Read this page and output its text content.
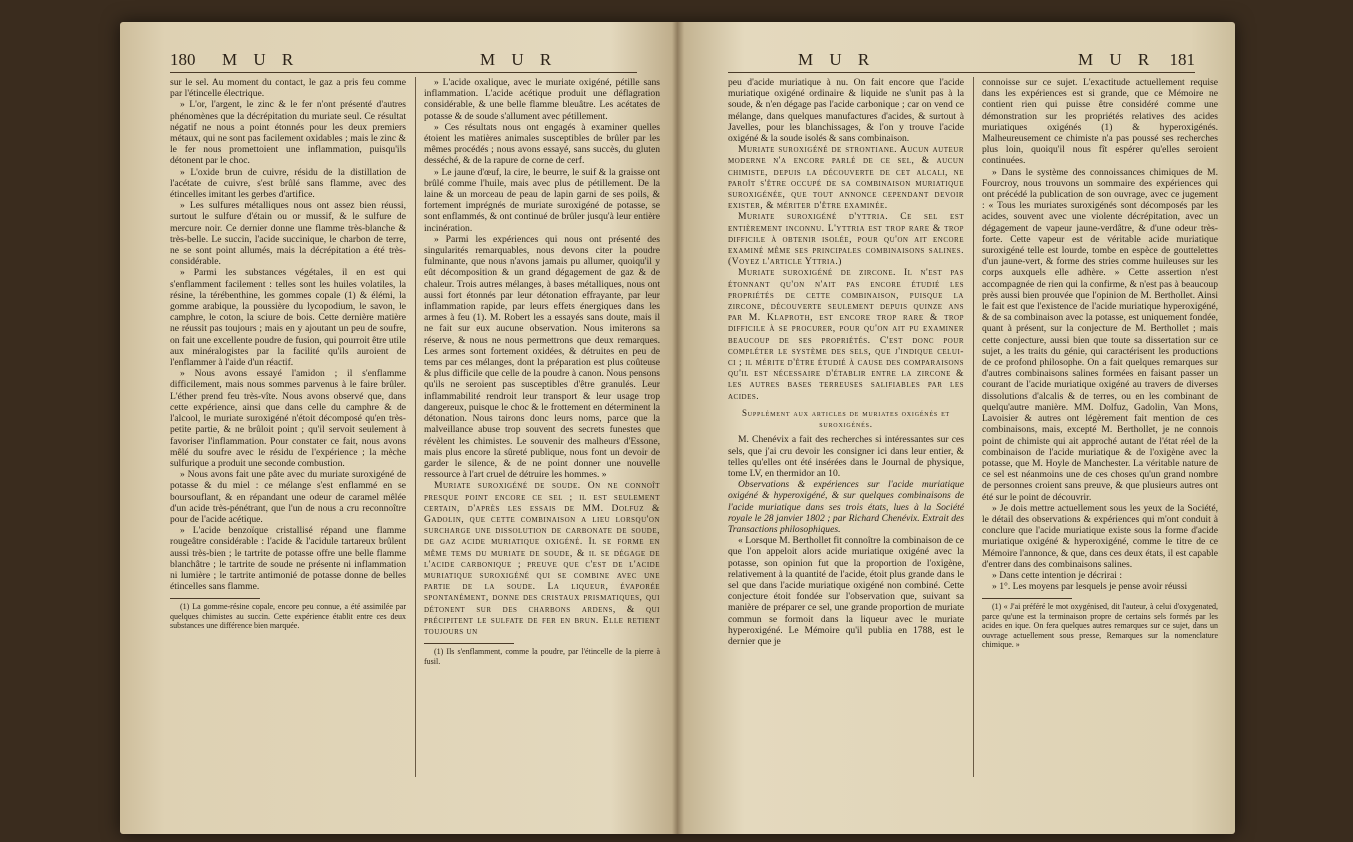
180 M U R	M U R

sur le sel. Au moment du contact, le gaz a pris feu comme par l'étincelle électrique.

» L'or, l'argent, le zinc & le fer n'ont présenté d'autres phénomènes que la décrépitation du muriate seul. Ce résultat négatif ne nous a point étonnés pour les deux premiers métaux, qui ne sont pas facilement oxidables ; mais le zinc & le fer nous promettoient une inflammation, puisqu'ils détonent par le choc.

» L'oxide brun de cuivre, résidu de la distillation de l'acétate de cuivre, s'est brûlé sans flamme, avec des étincelles imitant les gerbes d'artifice.

» Les sulfures métalliques nous ont assez bien réussi, surtout le sulfure d'étain ou or mussif, & le sulfure de mercure noir. Ce dernier donne une flamme très-blanche & très-belle. Le succin, l'acide succinique, le charbon de terre, ne se sont point allumés, mais la décrépitation a été très-considérable.

» Parmi les substances végétales, il en est qui s'enflamment facilement : telles sont les huiles volatiles, la résine, la térébenthine, les gommes copale (1) & élémi, la gomme arabique, la poussière du lycopodium, le savon, le camphre, le coton, la sciure de bois. Cette dernière matière ne réussit pas toujours ; mais en y ajoutant un peu de soufre, on fait une excellente poudre de fusion, qui pourroit être utile aux minéralogistes par la facilité qu'ils auroient de l'enflammer à l'aide d'un réactif.

» Nous avons essayé l'amidon ; il s'enflamme difficilement, mais nous sommes parvenus à le faire brûler. L'éther prend feu très-vîte. Nous avons observé que, dans cette expérience, ainsi que dans celle du camphre & de l'alcool, le muriate suroxigéné n'étoit décomposé qu'en très-petite partie, & ne brûloit point ; qu'il servoit seulement à favoriser l'inflammation. Pour constater ce fait, nous avons mêlé du soufre avec le résidu de l'expérience ; la mèche sulfurique a produit une seconde combustion.

» Nous avons fait une pâte avec du muriate suroxigéné de potasse & du miel : ce mélange s'est enflammé en se boursouflant, & en répandant une odeur de caramel mêlée d'un acide très-pénétrant, que l'un de nous a cru reconnoître pour de l'acide acétique.

» L'acide benzoïque cristallisé répand une flamme rougeâtre considérable : l'acide & l'acidule tartareux brûlent aussi très-bien ; le tartrite de potasse offre une belle flamme blanchâtre ; le tartrite de soude ne présente ni inflammation ni lumière ; le tartrite antimonié de potasse donne de belles étincelles sans flamme.

(1) La gomme-résine copale, encore peu connue, a été assimilée par quelques chimistes au succin. Cette expérience établit entre ces deux substances une différence bien marquée.

» L'acide oxalique, avec le muriate oxigéné, pétille sans inflammation. L'acide acétique produit une déflagration considérable, & une belle flamme bleuâtre. Les acétates de potasse & de soude s'allument avec pétillement.

» Ces résultats nous ont engagés à examiner quelles étoient les matières animales susceptibles de brûler par les mêmes procédés ; nous avons essayé, sans succès, du gluten desséché, & de la rapure de corne de cerf.

» Le jaune d'œuf, la cire, le beurre, le suif & la graisse ont brûlé comme l'huile, mais avec plus de pétillement. De la laine & un morceau de peau de lapin garni de ses poils, & fortement imprégnés de muriate suroxigéné de potasse, se sont enflammés, & ont continué de brûler jusqu'à leur entière incinération.

» Parmi les expériences qui nous ont présenté des singularités remarquables, nous devons citer la poudre fulminante, que nous n'avons jamais pu allumer, quoiqu'il y eût décomposition & un grand dégagement de gaz & de chaleur. Trois autres mélanges, à bases métalliques, nous ont aussi fort étonnés par leur détonation effrayante, par leur inflammation rapide, par leurs effets énergiques dans les armes à feu (1). M. Robert les a essayés sans doute, mais il ne fait sur eux aucune observation. Nous imiterons sa réserve, & nous ne nous permettrons que deux remarques. Les armes sont fortement oxidées, & détruites en peu de tems par ces mélanges, dont la préparation est plus coûteuse & plus difficile que celle de la poudre à canon. Nous pensons qu'ils ne seroient pas susceptibles d'être granulés. Leur inflammabilité rendroit leur transport & leur usage trop dangereux, puisque le choc & le frottement en déterminent la détonation. Nous tairons donc leurs noms, parce que la malveillance abuse trop souvent des secrets funestes que révèlent les chimistes. Le souvenir des malheurs d'Essone, mais plus encore la sûreté publique, nous font un devoir de garder le silence, & de ne point donner une nouvelle ressource à l'art cruel de détruire les hommes. »

Muriate suroxigéné de soude. On ne connoît presque point encore ce sel ; il est seulement certain, d'après les essais de MM. Dolfuz & Gadolin, que cette combinaison a lieu lorsqu'on surcharge une dissolution de carbonate de soude, de gaz acide muriatique oxigéné. Il se forme en même tems du muriate de soude, & il se dégage de l'acide carbonique ; preuve que c'est de l'acide muriatique suroxigéné qui se combine avec une partie de la soude. La liqueur, évaporée spontanément, donne des cristaux prismatiques, qui détonent sur des charbons ardens, & qui précipitent le sulfate de fer en brun. Elle retient toujours un

(1) Ils s'enflamment, comme la poudre, par l'étincelle de la pierre à fusil.

M U R	M U R 181

peu d'acide muriatique à nu. On fait encore que l'acide muriatique oxigéné ordinaire & liquide ne s'unit pas à la soude, & n'en dégage pas l'acide carbonique ; car on vend ce mélange, dans quelques manufactures d'acides, & surtout à Javelles, pour les blanchissages, & l'on y trouve l'acide oxigéné & la soude isolés & sans combinaison.

Muriate suroxigéné de strontiane. Aucun auteur moderne n'a encore parlé de ce sel, & aucun chimiste, depuis la découverte de cet alcali, ne paroît s'être occupé de sa combinaison muriatique suroxigénée, que tout annonce cependant devoir exister, & mériter d'être examinée.

Muriate suroxigéné d'yttria. Ce sel est entièrement inconnu. L'yttria est trop rare & trop difficile à obtenir isolée, pour qu'on ait encore examiné même ses principales combinaisons salines. (Voyez l'article Yttria.)

Muriate suroxigéné de zircone. Il n'est pas étonnant qu'on n'ait pas encore étudié les propriétés de cette combinaison, puisque la zircone, découverte seulement depuis quinze ans par M. Klaproth, est encore trop rare & trop difficile à se procurer, pour qu'on ait pu examiner beaucoup de ses propriétés. C'est donc pour compléter le système des sels, que j'indique celui-ci ; il mérite d'être étudié à cause des comparaisons qu'il est nécessaire d'établir entre la zircone & les autres bases terreuses salifiables par les acides.

Supplément aux articles de muriates oxigénés et suroxigénés.

M. Chenévix a fait des recherches si intéressantes sur ces sels, que j'ai cru devoir les consigner ici dans leur entier, & telles qu'elles ont été insérées dans le Journal de physique, tome LV, en thermidor an 10.

Observations & expériences sur l'acide muriatique oxigéné & hyperoxigéné, & sur quelques combinaisons de l'acide muriatique dans ses trois états, lues à la Société royale le 28 janvier 1802 ; par Richard Chenévix. Extrait des Transactions philosophiques.

« Lorsque M. Berthollet fit connoître la combinaison de ce que l'on appeloit alors acide muriatique oxigéné avec la potasse, son opinion fut que la proportion de l'oxigène, relativement à la quantité de l'acide, étoit plus grande dans le sel que dans l'acide muriatique oxigéné non combiné. Cette conjecture étoit fondée sur l'observation que, suivant sa manière de préparer ce sel, une grande proportion de muriate commun se formoit dans la liqueur avec le muriate hyperoxigéné. Le Mémoire qu'il publia en 1788, est le dernier que je

connoisse sur ce sujet. L'exactitude actuellement requise dans les expériences est si grande, que ce Mémoire ne contient rien qui puisse être considéré comme une démonstration sur les propriétés relatives des acides muriatiques oxigénés (1) & hyperoxigénés. Malheureusement ce chimiste n'a pas poussé ses recherches plus loin, quoiqu'il nous fît espérer qu'elles seroient continuées.

» Dans le système des connoissances chimiques de M. Fourcroy, nous trouvons un sommaire des expériences qui ont précédé la publication de son ouvrage, avec ce jugement : « Tous les muriates suroxigénés sont décomposés par les acides, souvent avec une violente décrépitation, avec un dégagement de vapeur jaune-verdâtre, & d'une odeur très-forte. Cette vapeur est de véritable acide muriatique suroxigéné telle est lourde, tombe en espèce de gouttelettes d'un jaune-vert, & forme des stries comme huileuses sur les corps auxquels elle adhère. » Cette assertion n'est accompagnée de rien qui la confirme, & n'est pas à beaucoup près aussi bien prouvée que l'opinion de M. Berthollet. Ainsi le fait est que l'existence de l'acide muriatique hyperoxigéné, & de sa combinaison avec la potasse, est uniquement fondée, quant à présent, sur la conjecture de M. Berthollet ; mais cette conjecture, aussi bien que toute sa dissertation sur ce sujet, a les traits du génie, qui caractérisent les productions de ce profond philosophe. On a fait quelques remarques sur d'autres combinaisons salines formées en faisant passer un courant de l'acide muriatique oxigéné au travers de diverses dissolutions d'alcalis & de terres, ou en les combinant de quelqu'autre manière. MM. Dolfuz, Gadolin, Van Mons, Lavoisier & autres ont légèrement fait mention de ces combinaisons, mais, excepté M. Berthollet, je ne connois point de chimiste qui ait approché autant de l'état réel de la combinaison de l'acide muriatique & de l'oxigène avec la potasse, que M. Hoyle de Manchester. La véritable nature de ce sel est néanmoins une de ces choses qu'un grand nombre de personnes croient sans preuve, & que plusieurs autres ont été sur le point de découvrir.

» Je dois mettre actuellement sous les yeux de la Société, le détail des observations & expériences qui m'ont conduit à conclure que l'acide muriatique existe sous la forme d'acide muriatique oxigéné & hyperoxigéné, comme le titre de ce Mémoire l'annonce, & que, dans ces deux états, il est capable d'entrer dans des combinaisons salines.

» Dans cette intention je décrirai :

» 1°. Les moyens par lesquels je pense avoir réussi

(1) « J'ai préféré le mot oxygénised, dit l'auteur, à celui d'oxygenated, parce qu'une est la terminaison propre de certains sels formés par les acides en ique. On fera quelques autres remarques sur ce sujet, dans un ouvrage actuellement sous presse, Remarques sur la nomenclature chimique. »
